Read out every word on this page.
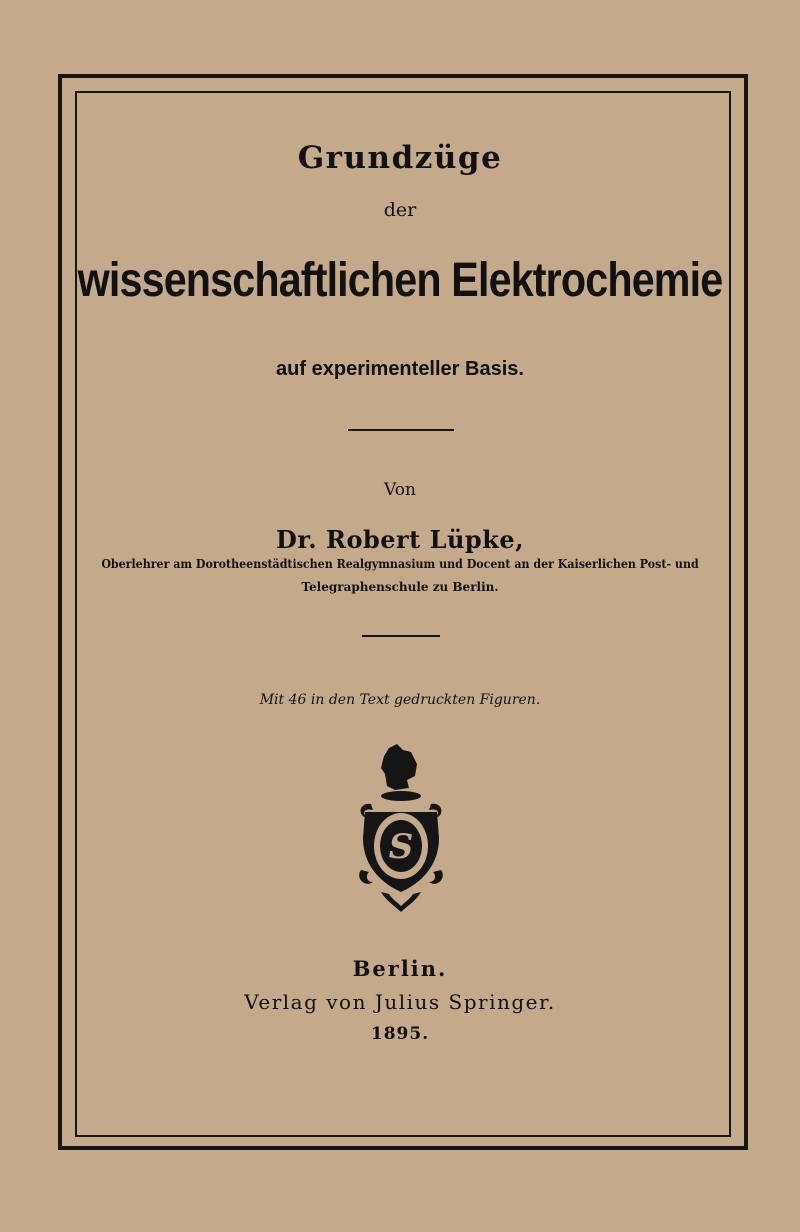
Grundzüge
der
wissenschaftlichen Elektrochemie
auf experimenteller Basis.
Von
Dr. Robert Lüpke,
Oberlehrer am Dorotheenstädtischen Realgymnasium und Docent an der Kaiserlichen Post- und
Telegraphenschule zu Berlin.
Mit 46 in den Text gedruckten Figuren.
S
Berlin.
Verlag von Julius Springer.
1895.
